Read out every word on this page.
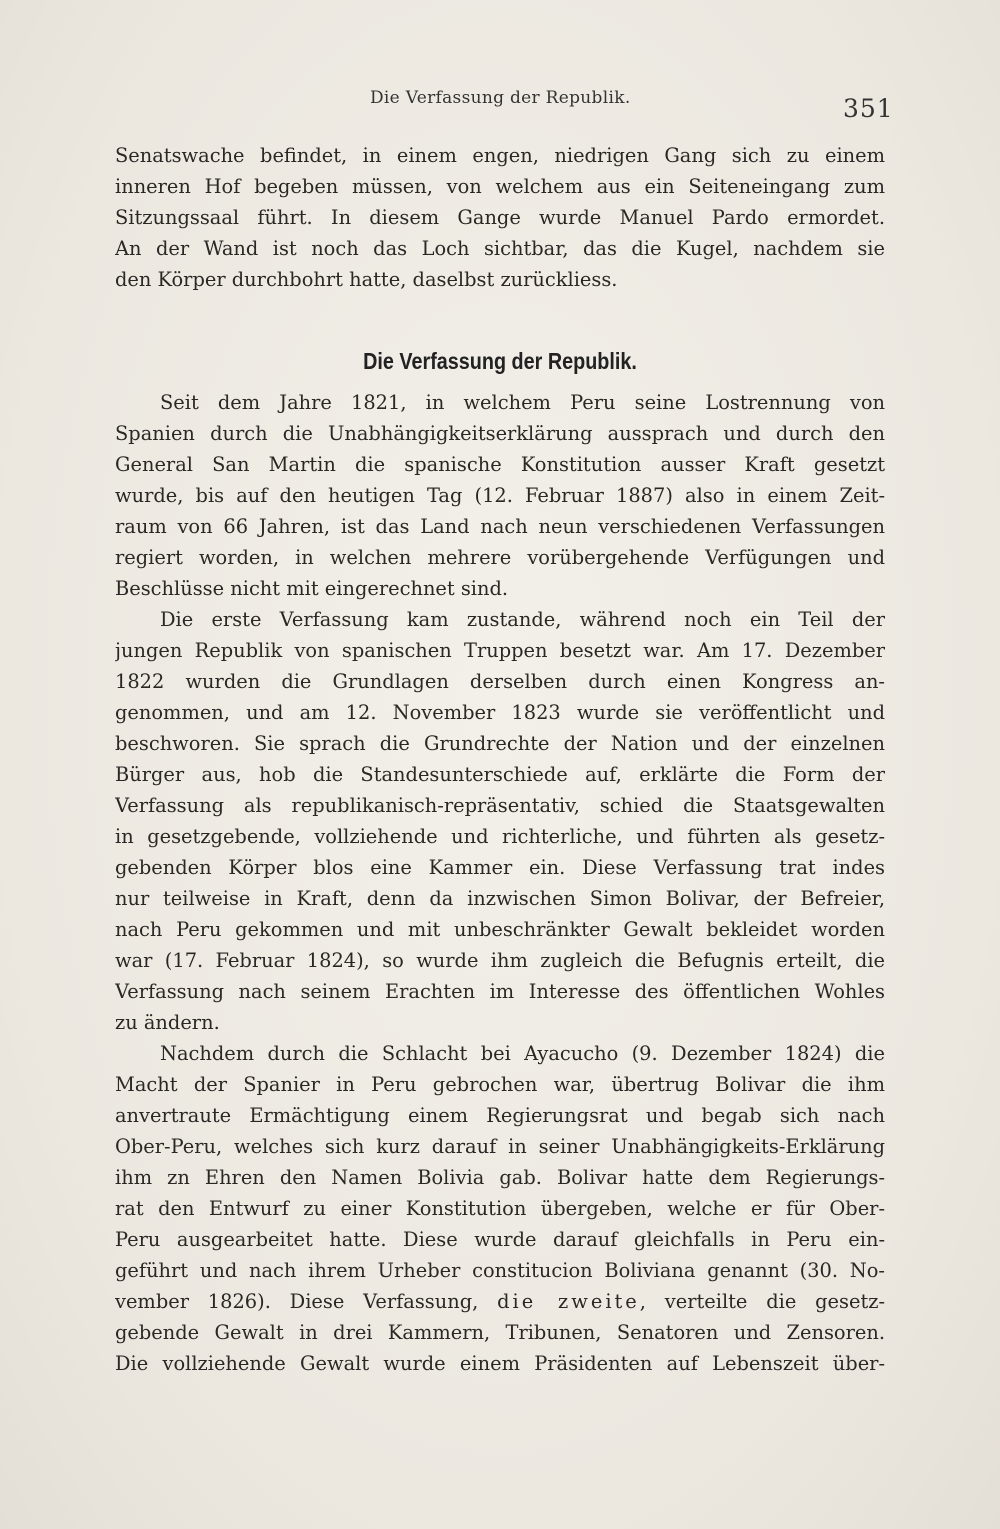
Die Verfassung der Republik.	351
Senatswache befindet, in einem engen, niedrigen Gang sich zu einem
inneren Hof begeben müssen, von welchem aus ein Seiteneingang zum
Sitzungssaal führt. In diesem Gange wurde Manuel Pardo ermordet.
An der Wand ist noch das Loch sichtbar, das die Kugel, nachdem sie
den Körper durchbohrt hatte, daselbst zurückliess.
Die Verfassung der Republik.
Seit dem Jahre 1821, in welchem Peru seine Lostrennung von
Spanien durch die Unabhängigkeitserklärung aussprach und durch den
General San Martin die spanische Konstitution ausser Kraft gesetzt
wurde, bis auf den heutigen Tag (12. Februar 1887) also in einem Zeit-
raum von 66 Jahren, ist das Land nach neun verschiedenen Verfassungen
regiert worden, in welchen mehrere vorübergehende Verfügungen und
Beschlüsse nicht mit eingerechnet sind.
Die erste Verfassung kam zustande, während noch ein Teil der
jungen Republik von spanischen Truppen besetzt war. Am 17. Dezember
1822 wurden die Grundlagen derselben durch einen Kongress an-
genommen, und am 12. November 1823 wurde sie veröffentlicht und
beschworen. Sie sprach die Grundrechte der Nation und der einzelnen
Bürger aus, hob die Standesunterschiede auf, erklärte die Form der
Verfassung als republikanisch-repräsentativ, schied die Staatsgewalten
in gesetzgebende, vollziehende und richterliche, und führten als gesetz-
gebenden Körper blos eine Kammer ein. Diese Verfassung trat indes
nur teilweise in Kraft, denn da inzwischen Simon Bolivar, der Befreier,
nach Peru gekommen und mit unbeschränkter Gewalt bekleidet worden
war (17. Februar 1824), so wurde ihm zugleich die Befugnis erteilt, die
Verfassung nach seinem Erachten im Interesse des öffentlichen Wohles
zu ändern.
Nachdem durch die Schlacht bei Ayacucho (9. Dezember 1824) die
Macht der Spanier in Peru gebrochen war, übertrug Bolivar die ihm
anvertraute Ermächtigung einem Regierungsrat und begab sich nach
Ober-Peru, welches sich kurz darauf in seiner Unabhängigkeits-Erklärung
ihm zn Ehren den Namen Bolivia gab. Bolivar hatte dem Regierungs-
rat den Entwurf zu einer Konstitution übergeben, welche er für Ober-
Peru ausgearbeitet hatte. Diese wurde darauf gleichfalls in Peru ein-
geführt und nach ihrem Urheber constitucion Boliviana genannt (30. No-
vember 1826). Diese Verfassung, die zweite, verteilte die gesetz-
gebende Gewalt in drei Kammern, Tribunen, Senatoren und Zensoren.
Die vollziehende Gewalt wurde einem Präsidenten auf Lebenszeit über-
